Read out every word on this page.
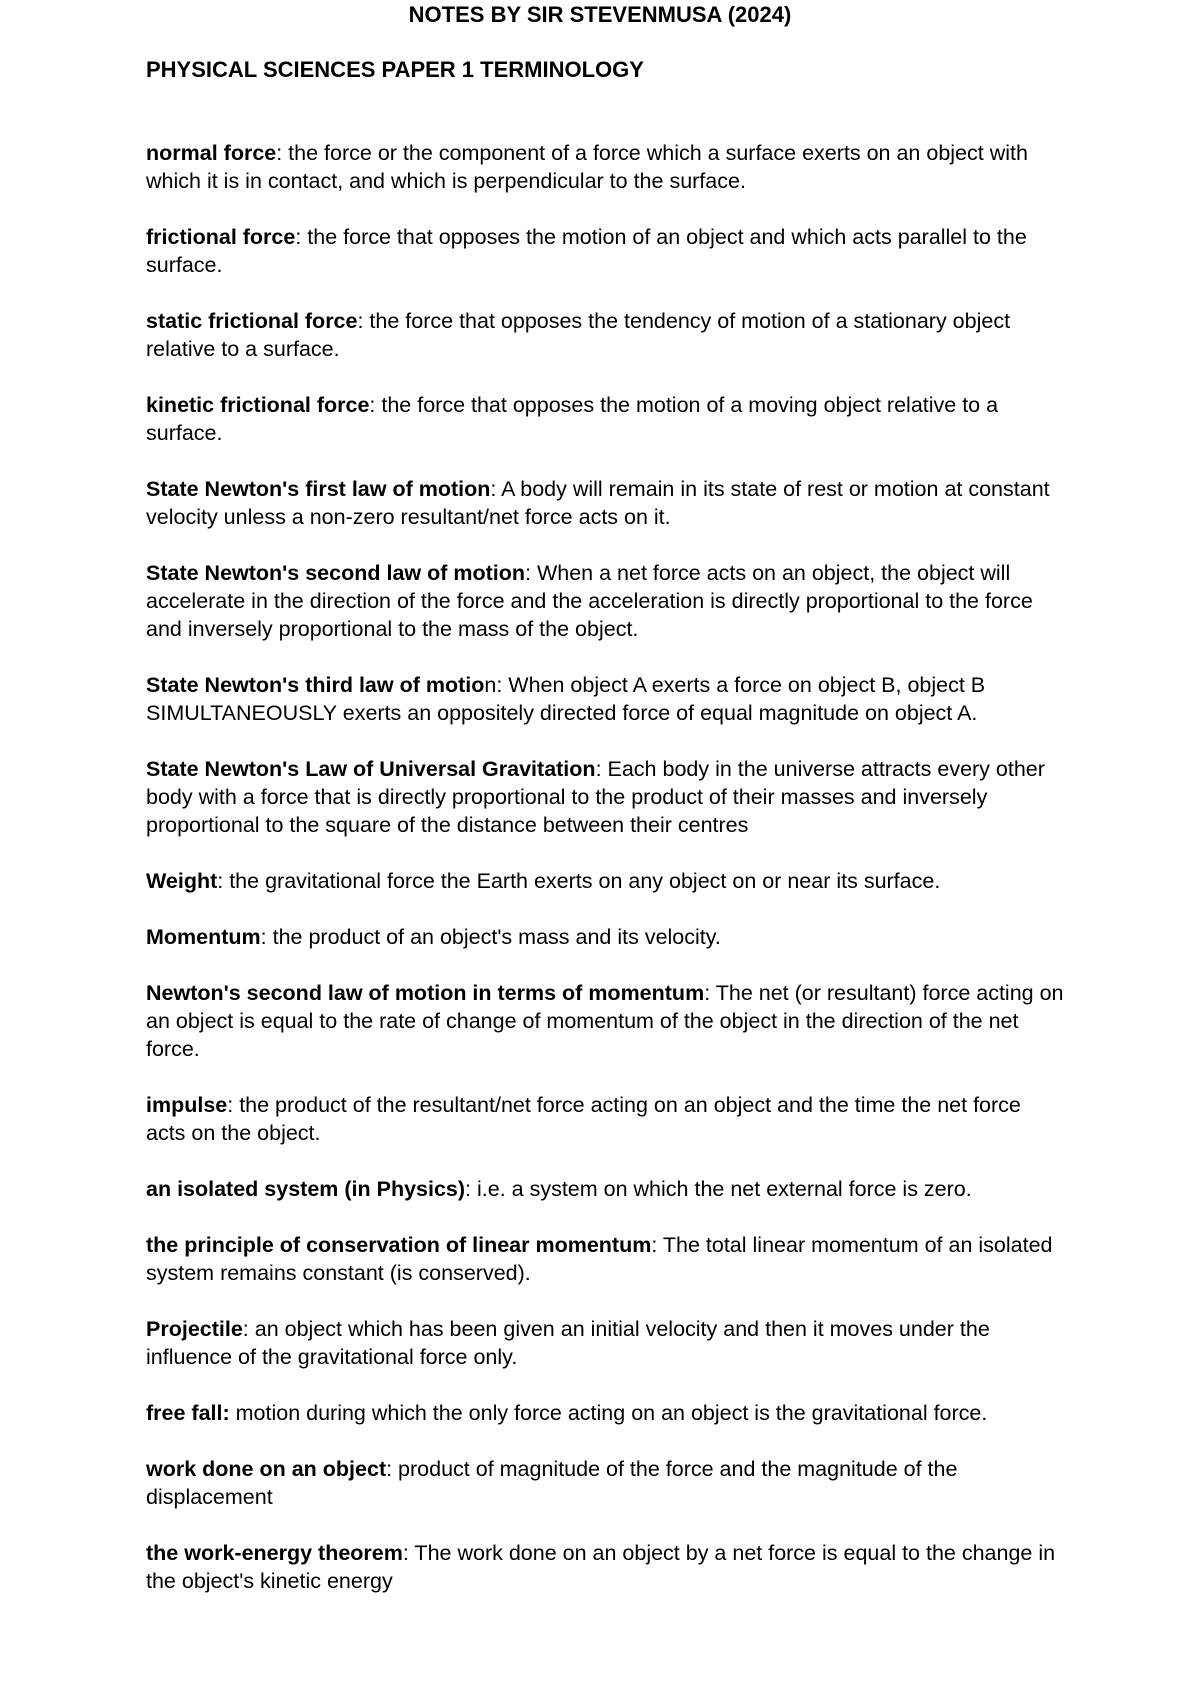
NOTES BY SIR STEVENMUSA (2024)
PHYSICAL SCIENCES PAPER 1 TERMINOLOGY
normal force: the force or the component of a force which a surface exerts on an object with which it is in contact, and which is perpendicular to the surface.
frictional force: the force that opposes the motion of an object and which acts parallel to the surface.
static frictional force: the force that opposes the tendency of motion of a stationary object relative to a surface.
kinetic frictional force: the force that opposes the motion of a moving object relative to a surface.
State Newton's first law of motion: A body will remain in its state of rest or motion at constant velocity unless a non-zero resultant/net force acts on it.
State Newton's second law of motion: When a net force acts on an object, the object will accelerate in the direction of the force and the acceleration is directly proportional to the force and inversely proportional to the mass of the object.
State Newton's third law of motion: When object A exerts a force on object B, object B SIMULTANEOUSLY exerts an oppositely directed force of equal magnitude on object A.
State Newton's Law of Universal Gravitation: Each body in the universe attracts every other body with a force that is directly proportional to the product of their masses and inversely proportional to the square of the distance between their centres
Weight: the gravitational force the Earth exerts on any object on or near its surface.
Momentum: the product of an object's mass and its velocity.
Newton's second law of motion in terms of momentum: The net (or resultant) force acting on an object is equal to the rate of change of momentum of the object in the direction of the net force.
impulse: the product of the resultant/net force acting on an object and the time the net force acts on the object.
an isolated system (in Physics): i.e. a system on which the net external force is zero.
the principle of conservation of linear momentum: The total linear momentum of an isolated system remains constant (is conserved).
Projectile: an object which has been given an initial velocity and then it moves under the influence of the gravitational force only.
free fall: motion during which the only force acting on an object is the gravitational force.
work done on an object: product of magnitude of the force and the magnitude of the displacement
the work-energy theorem: The work done on an object by a net force is equal to the change in the object's kinetic energy
